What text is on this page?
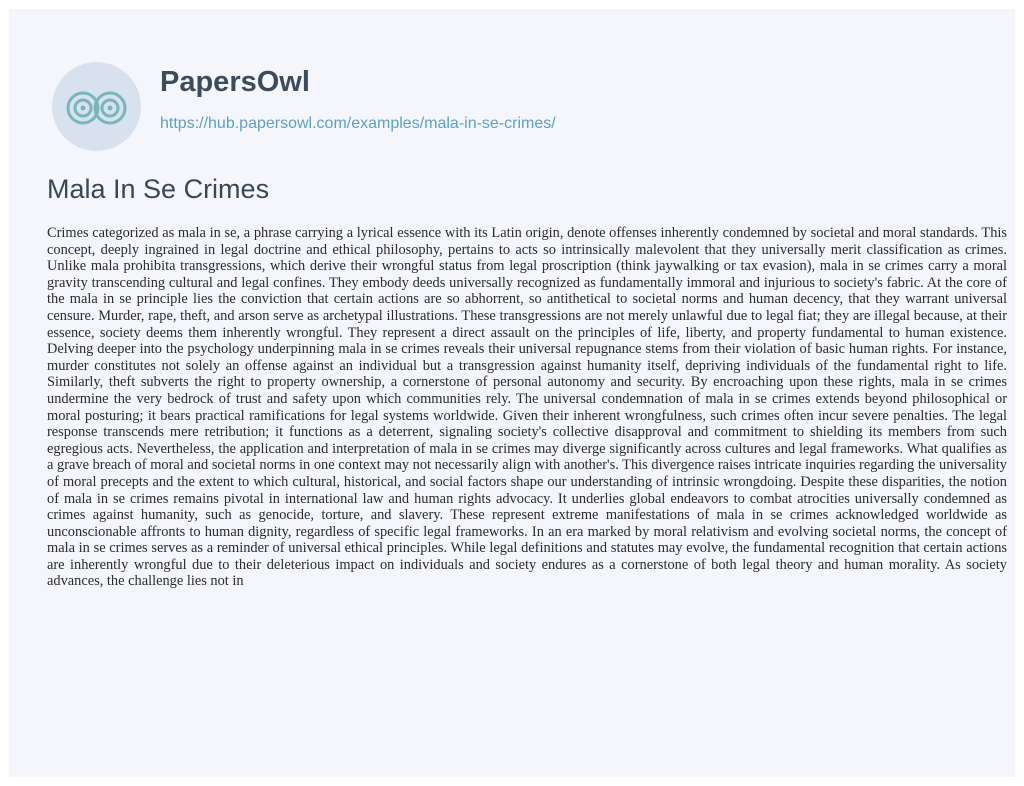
PapersOwl
https://hub.papersowl.com/examples/mala-in-se-crimes/
Mala In Se Crimes

Crimes categorized as mala in se, a phrase carrying a lyrical essence with its Latin origin, denote offenses inherently condemned by societal and moral standards. This concept, deeply ingrained in legal doctrine and ethical philosophy, pertains to acts so intrinsically malevolent that they universally merit classification as crimes. Unlike mala prohibita transgressions, which derive their wrongful status from legal proscription (think jaywalking or tax evasion), mala in se crimes carry a moral gravity transcending cultural and legal confines. They embody deeds universally recognized as fundamentally immoral and injurious to society's fabric. At the core of the mala in se principle lies the conviction that certain actions are so abhorrent, so antithetical to societal norms and human decency, that they warrant universal censure. Murder, rape, theft, and arson serve as archetypal illustrations. These transgressions are not merely unlawful due to legal fiat; they are illegal because, at their essence, society deems them inherently wrongful. They represent a direct assault on the principles of life, liberty, and property fundamental to human existence. Delving deeper into the psychology underpinning mala in se crimes reveals their universal repugnance stems from their violation of basic human rights. For instance, murder constitutes not solely an offense against an individual but a transgression against humanity itself, depriving individuals of the fundamental right to life. Similarly, theft subverts the right to property ownership, a cornerstone of personal autonomy and security. By encroaching upon these rights, mala in se crimes undermine the very bedrock of trust and safety upon which communities rely. The universal condemnation of mala in se crimes extends beyond philosophical or moral posturing; it bears practical ramifications for legal systems worldwide. Given their inherent wrongfulness, such crimes often incur severe penalties. The legal response transcends mere retribution; it functions as a deterrent, signaling society's collective disapproval and commitment to shielding its members from such egregious acts. Nevertheless, the application and interpretation of mala in se crimes may diverge significantly across cultures and legal frameworks. What qualifies as a grave breach of moral and societal norms in one context may not necessarily align with another's. This divergence raises intricate inquiries regarding the universality of moral precepts and the extent to which cultural, historical, and social factors shape our understanding of intrinsic wrongdoing. Despite these disparities, the notion of mala in se crimes remains pivotal in international law and human rights advocacy. It underlies global endeavors to combat atrocities universally condemned as crimes against humanity, such as genocide, torture, and slavery. These represent extreme manifestations of mala in se crimes acknowledged worldwide as unconscionable affronts to human dignity, regardless of specific legal frameworks. In an era marked by moral relativism and evolving societal norms, the concept of mala in se crimes serves as a reminder of universal ethical principles. While legal definitions and statutes may evolve, the fundamental recognition that certain actions are inherently wrongful due to their deleterious impact on individuals and society endures as a cornerstone of both legal theory and human morality. As society advances, the challenge lies not in
